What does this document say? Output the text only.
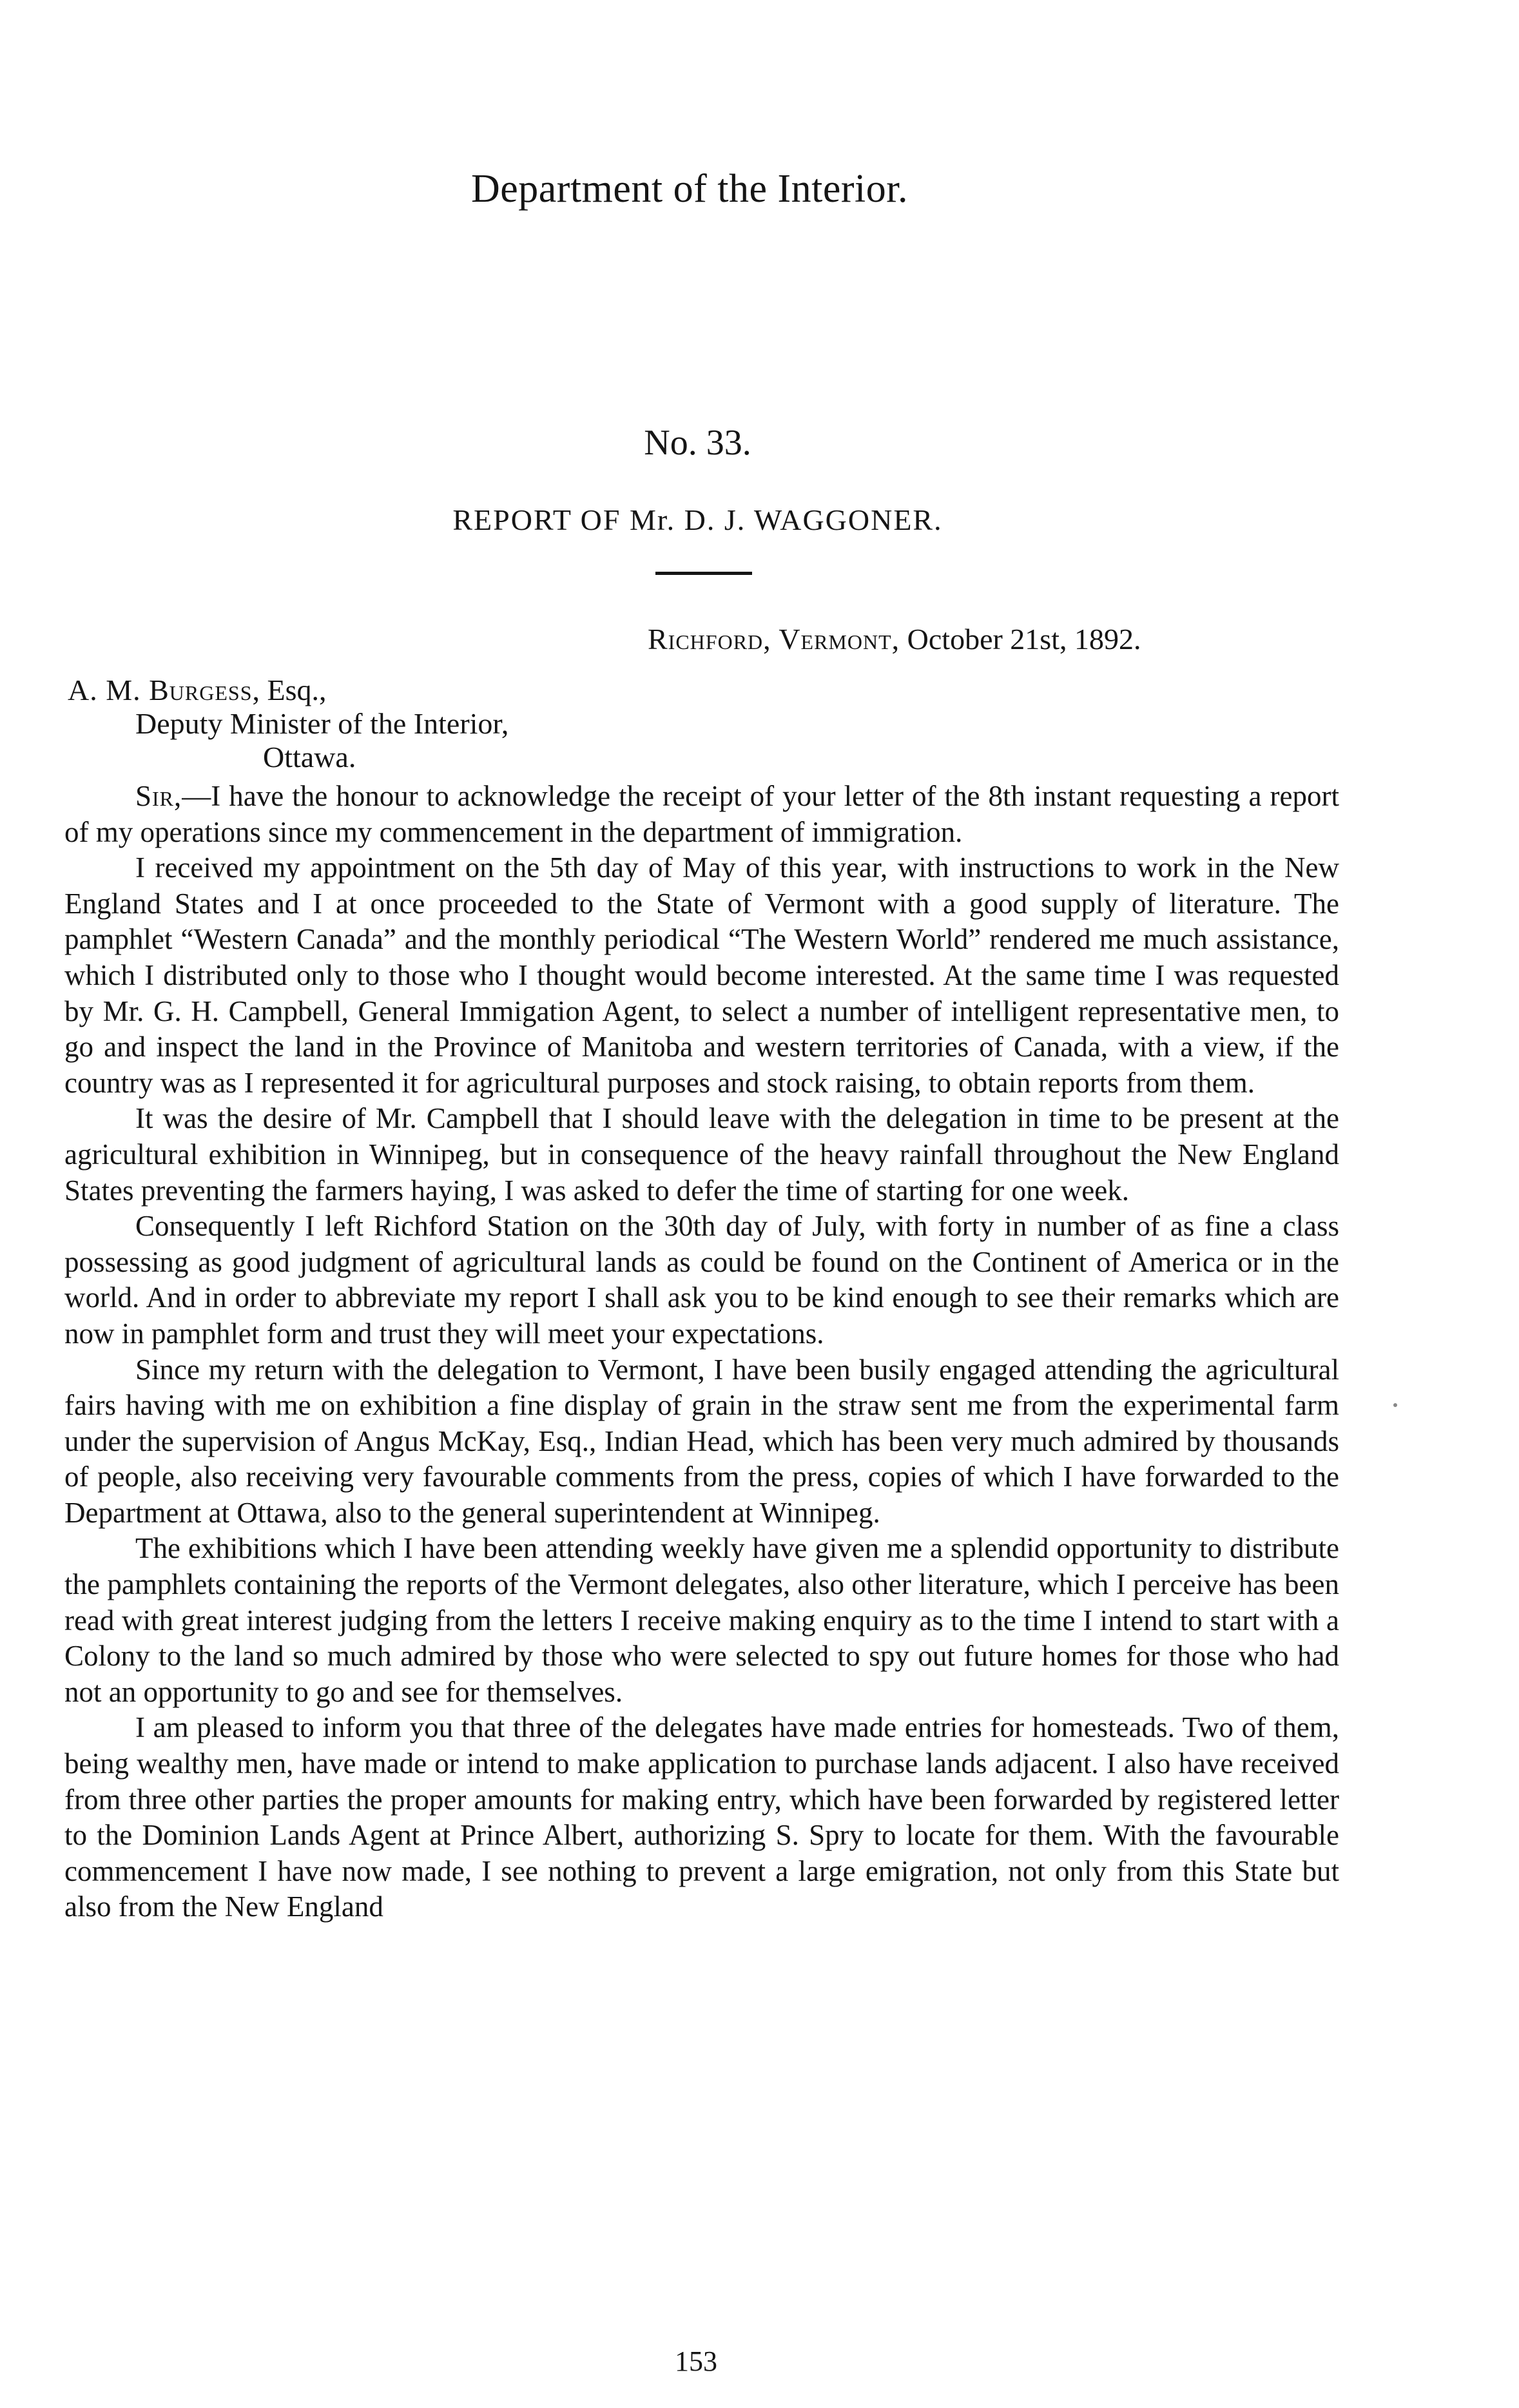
Department of the Interior.
No. 33.
REPORT OF Mr. D. J. WAGGONER.
Richford, Vermont, October 21st, 1892.
A. M. Burgess, Esq.,
Deputy Minister of the Interior,
Ottawa.

Sir,—I have the honour to acknowledge the receipt of your letter of the 8th instant requesting a report of my operations since my commencement in the department of immigration.

I received my appointment on the 5th day of May of this year, with instructions to work in the New England States and I at once proceeded to the State of Vermont with a good supply of literature. The pamphlet “Western Canada” and the monthly periodical “The Western World” rendered me much assistance, which I distributed only to those who I thought would become interested. At the same time I was requested by Mr. G. H. Campbell, General Immigation Agent, to select a number of intelligent representative men, to go and inspect the land in the Province of Manitoba and western territories of Canada, with a view, if the country was as I represented it for agricultural purposes and stock raising, to obtain reports from them.

It was the desire of Mr. Campbell that I should leave with the delegation in time to be present at the agricultural exhibition in Winnipeg, but in consequence of the heavy rainfall throughout the New England States preventing the farmers haying, I was asked to defer the time of starting for one week.

Consequently I left Richford Station on the 30th day of July, with forty in number of as fine a class possessing as good judgment of agricultural lands as could be found on the Continent of America or in the world. And in order to abbreviate my report I shall ask you to be kind enough to see their remarks which are now in pamphlet form and trust they will meet your expectations.

Since my return with the delegation to Vermont, I have been busily engaged attending the agricultural fairs having with me on exhibition a fine display of grain in the straw sent me from the experimental farm under the supervision of Angus McKay, Esq., Indian Head, which has been very much admired by thousands of people, also receiving very favourable comments from the press, copies of which I have forwarded to the Department at Ottawa, also to the general superintendent at Winnipeg.

The exhibitions which I have been attending weekly have given me a splendid opportunity to distribute the pamphlets containing the reports of the Vermont delegates, also other literature, which I perceive has been read with great interest judging from the letters I receive making enquiry as to the time I intend to start with a Colony to the land so much admired by those who were selected to spy out future homes for those who had not an opportunity to go and see for themselves.

I am pleased to inform you that three of the delegates have made entries for homesteads. Two of them, being wealthy men, have made or intend to make application to purchase lands adjacent. I also have received from three other parties the proper amounts for making entry, which have been forwarded by registered letter to the Dominion Lands Agent at Prince Albert, authorizing S. Spry to locate for them. With the favourable commencement I have now made, I see nothing to prevent a large emigration, not only from this State but also from the New England

153
